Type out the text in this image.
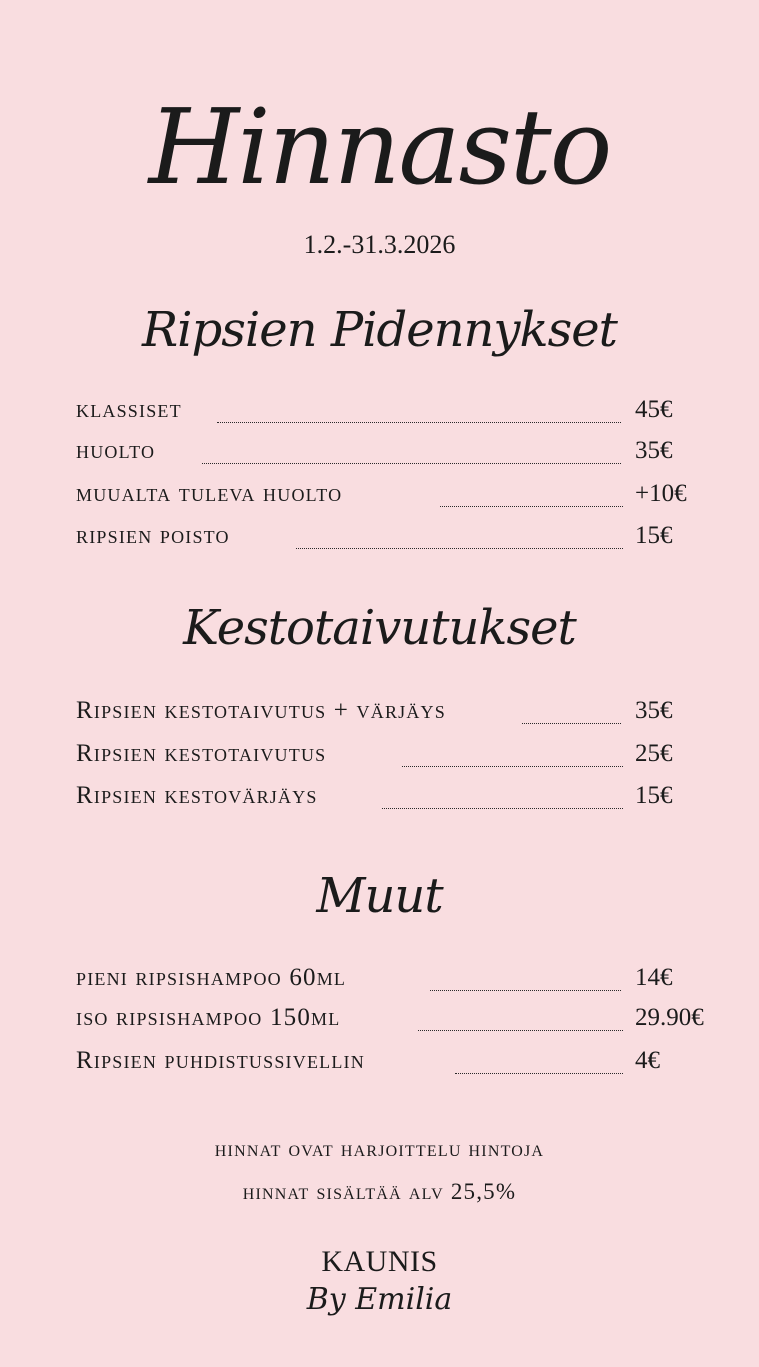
Hinnasto
1.2.-31.3.2026
Ripsien Pidennykset
klassiset	45€
huolto	35€
muualta tuleva huolto	+10€
ripsien poisto	15€
Kestotaivutukset
Ripsien kestotaivutus + värjäys	35€
Ripsien kestotaivutus	25€
Ripsien kestovärjäys	15€
Muut
pieni ripsishampoo 60ml	14€
iso ripsishampoo 150ml	29.90€
Ripsien puhdistussivellin	4€
hinnat ovat harjoittelu hintoja
hinnat sisältää alv 25,5%
KAUNIS
By Emilia
